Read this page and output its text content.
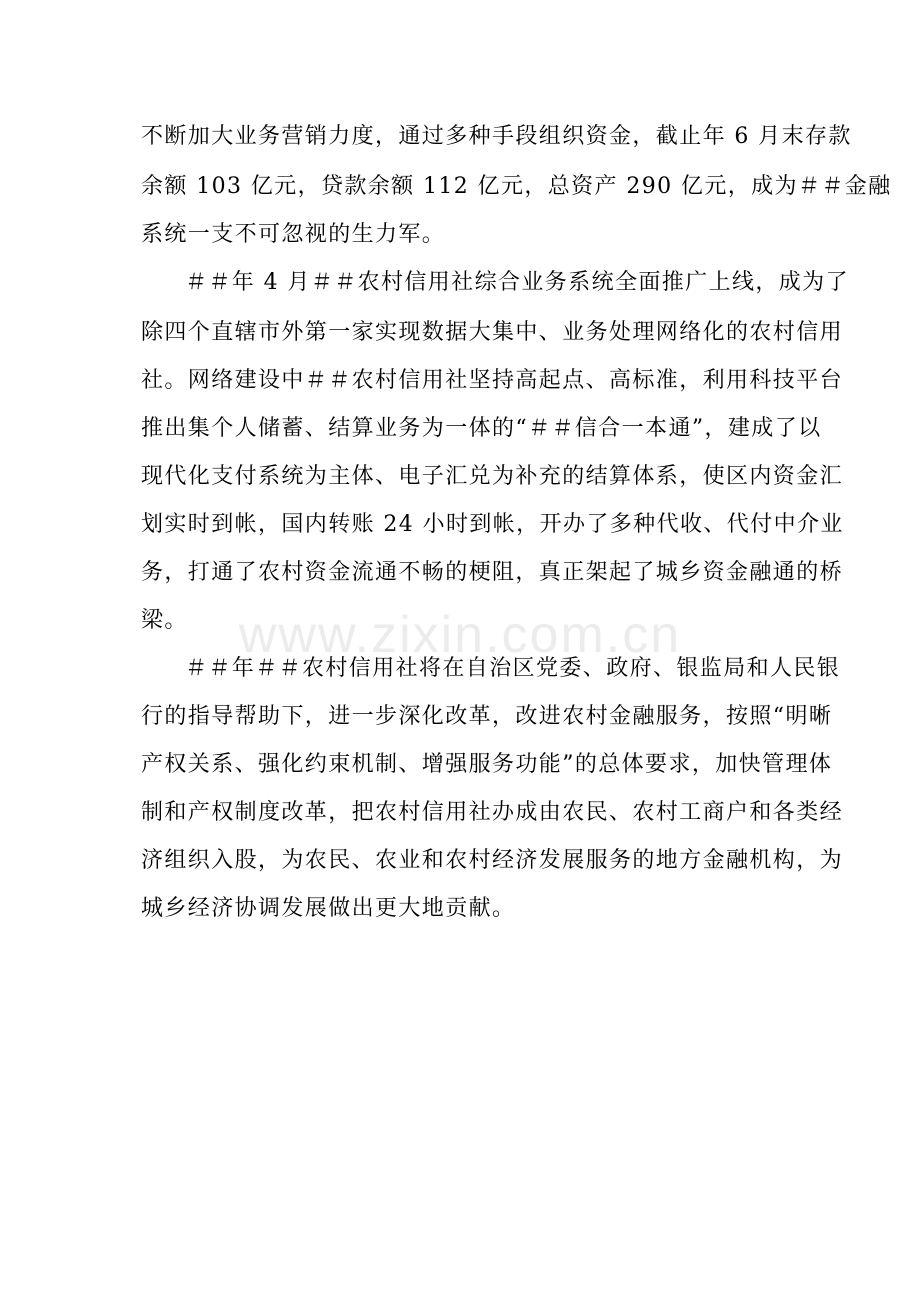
www.zixin.com.cn
不断加大业务营销力度，通过多种手段组织资金，截止年 6 月末存款
余额 103 亿元，贷款余额 112 亿元，总资产 290 亿元，成为＃＃金融
系统一支不可忽视的生力军。
＃＃年 4 月＃＃农村信用社综合业务系统全面推广上线，成为了
除四个直辖市外第一家实现数据大集中、业务处理网络化的农村信用
社。网络建设中＃＃农村信用社坚持高起点、高标准，利用科技平台
推出集个人储蓄、结算业务为一体的“＃＃信合一本通”，建成了以
现代化支付系统为主体、电子汇兑为补充的结算体系，使区内资金汇
划实时到帐，国内转账 24 小时到帐，开办了多种代收、代付中介业
务，打通了农村资金流通不畅的梗阻，真正架起了城乡资金融通的桥
梁。
＃＃年＃＃农村信用社将在自治区党委、政府、银监局和人民银
行的指导帮助下，进一步深化改革，改进农村金融服务，按照“明晰
产权关系、强化约束机制、增强服务功能”的总体要求，加快管理体
制和产权制度改革，把农村信用社办成由农民、农村工商户和各类经
济组织入股，为农民、农业和农村经济发展服务的地方金融机构，为
城乡经济协调发展做出更大地贡献。
